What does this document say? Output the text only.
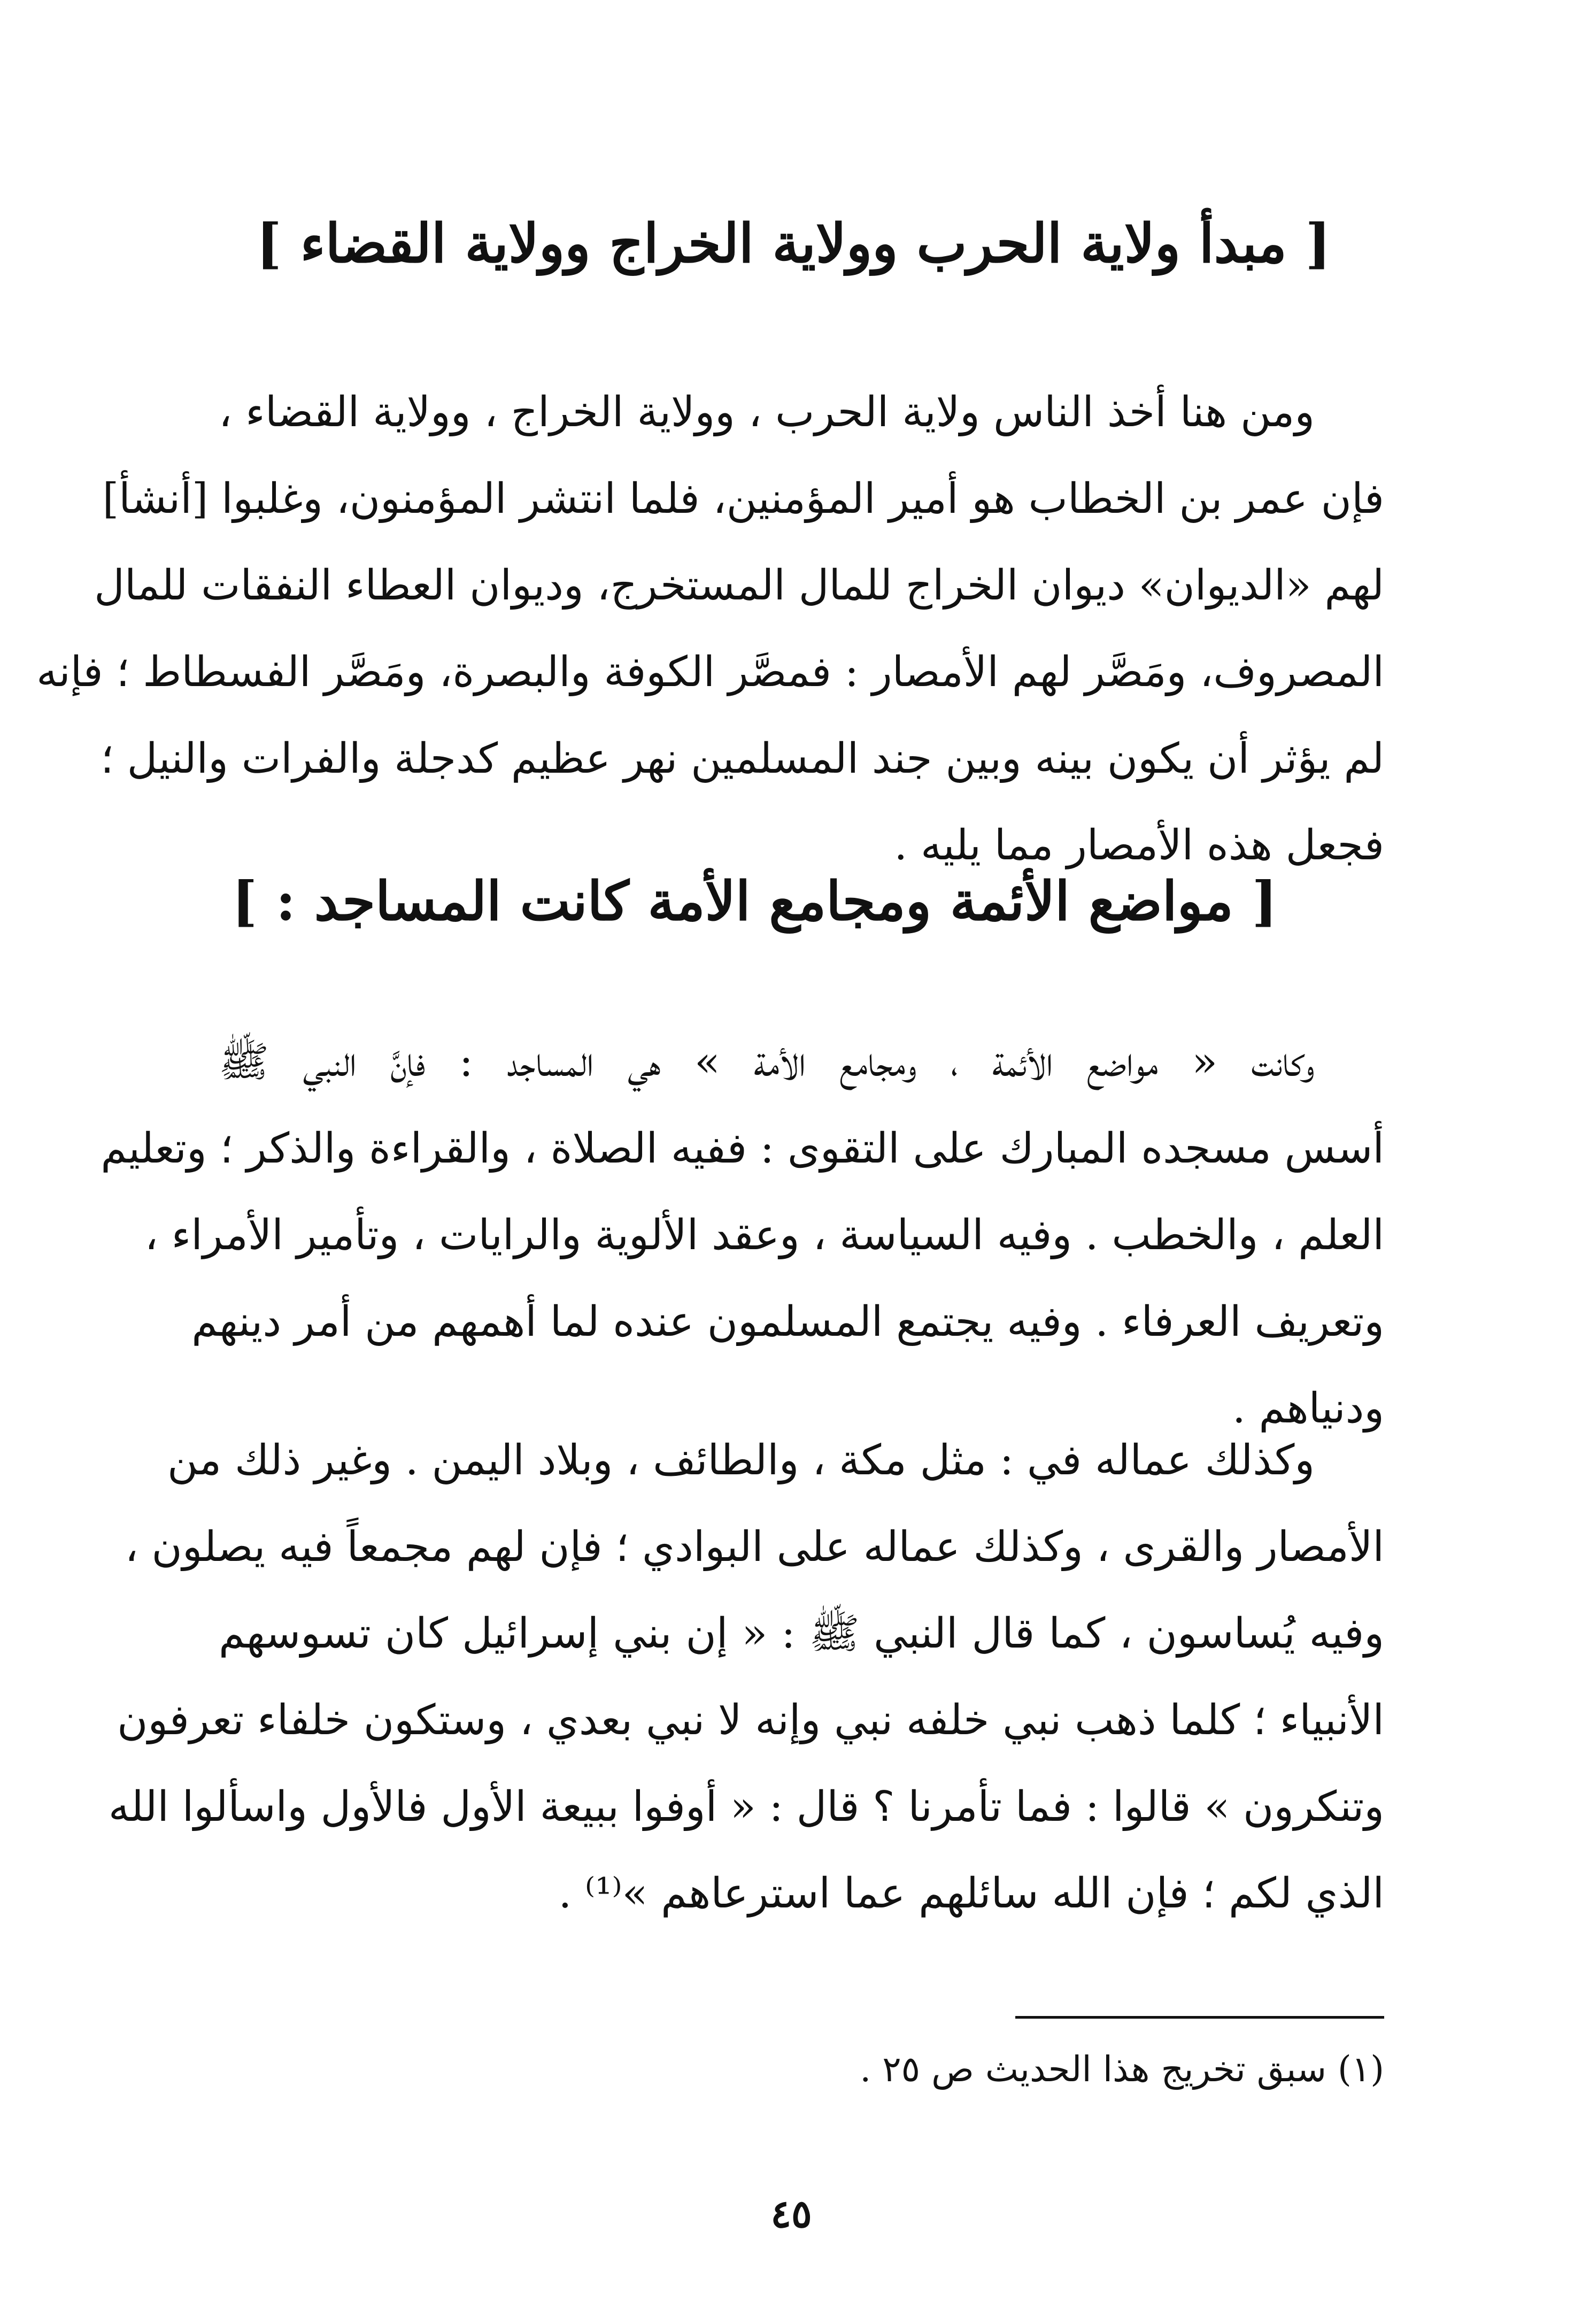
[ مبدأ ولاية الحرب وولاية الخراج وولاية القضاء ]
ومن هنا أخذ الناس ولاية الحرب ، وولاية الخراج ، وولاية القضاء ،
فإن عمر بن الخطاب هو أمير المؤمنين، فلما انتشر المؤمنون، وغلبوا [أنشأ]
لهم «الديوان» ديوان الخراج للمال المستخرج، وديوان العطاء النفقات للمال
المصروف، ومَصَّر لهم الأمصار : فمصَّر الكوفة والبصرة، ومَصَّر الفسطاط ؛ فإنه
لم يؤثر أن يكون بينه وبين جند المسلمين نهر عظيم كدجلة والفرات والنيل ؛
فجعل هذه الأمصار مما يليه .
[ مواضع الأئمة ومجامع الأمة كانت المساجد : ]
وكانت « مواضع الأئمة ، ومجامع الأمة » هي المساجد : فإنَّ النبي ﷺ
أسس مسجده المبارك على التقوى : ففيه الصلاة ، والقراءة والذكر ؛ وتعليم
العلم ، والخطب . وفيه السياسة ، وعقد الألوية والرايات ، وتأمير الأمراء ،
وتعريف العرفاء . وفيه يجتمع المسلمون عنده لما أهمهم من أمر دينهم
ودنياهم .
وكذلك عماله في : مثل مكة ، والطائف ، وبلاد اليمن . وغير ذلك من
الأمصار والقرى ، وكذلك عماله على البوادي ؛ فإن لهم مجمعاً فيه يصلون ،
وفيه يُساسون ، كما قال النبي ﷺ : « إن بني إسرائيل كان تسوسهم
الأنبياء ؛ كلما ذهب نبي خلفه نبي وإنه لا نبي بعدي ، وستكون خلفاء تعرفون
وتنكرون » قالوا : فما تأمرنا ؟ قال : « أوفوا ببيعة الأول فالأول واسألوا الله
الذي لكم ؛ فإن الله سائلهم عما استرعاهم »⁽¹⁾ .
(١) سبق تخريج هذا الحديث ص ٢٥ .
٤٥
